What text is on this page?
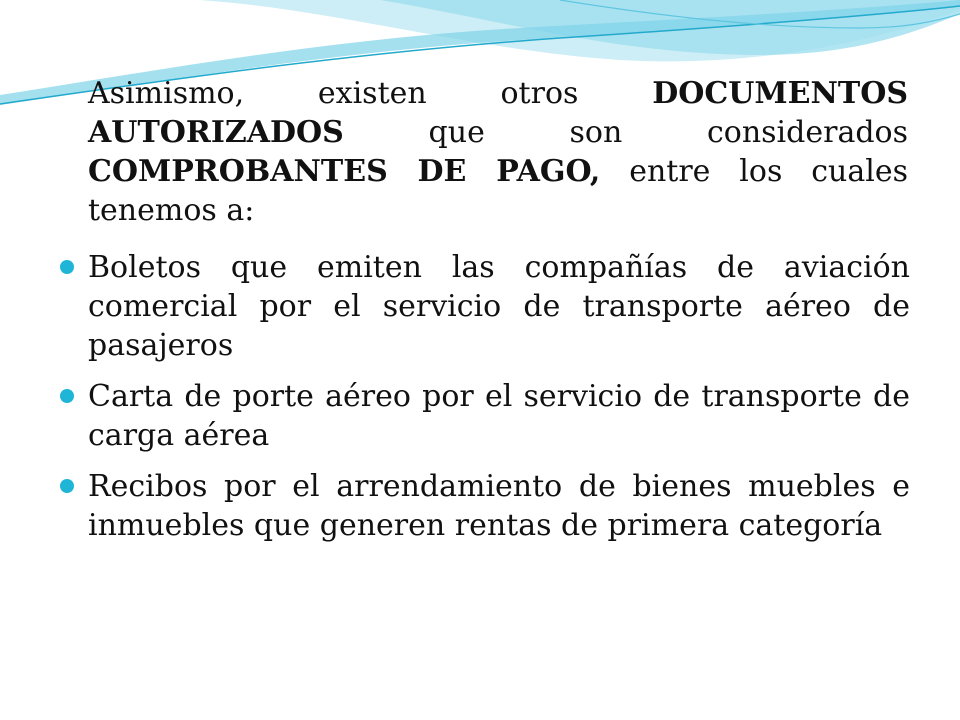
Asimismo, existen otros DOCUMENTOS AUTORIZADOS que son considerados COMPROBANTES DE PAGO, entre los cuales tenemos a:

Boletos que emiten las compañías de aviación comercial por el servicio de transporte aéreo de pasajeros
Carta de porte aéreo por el servicio de transporte de carga aérea
Recibos por el arrendamiento de bienes muebles e inmuebles que generen rentas de primera categoría
